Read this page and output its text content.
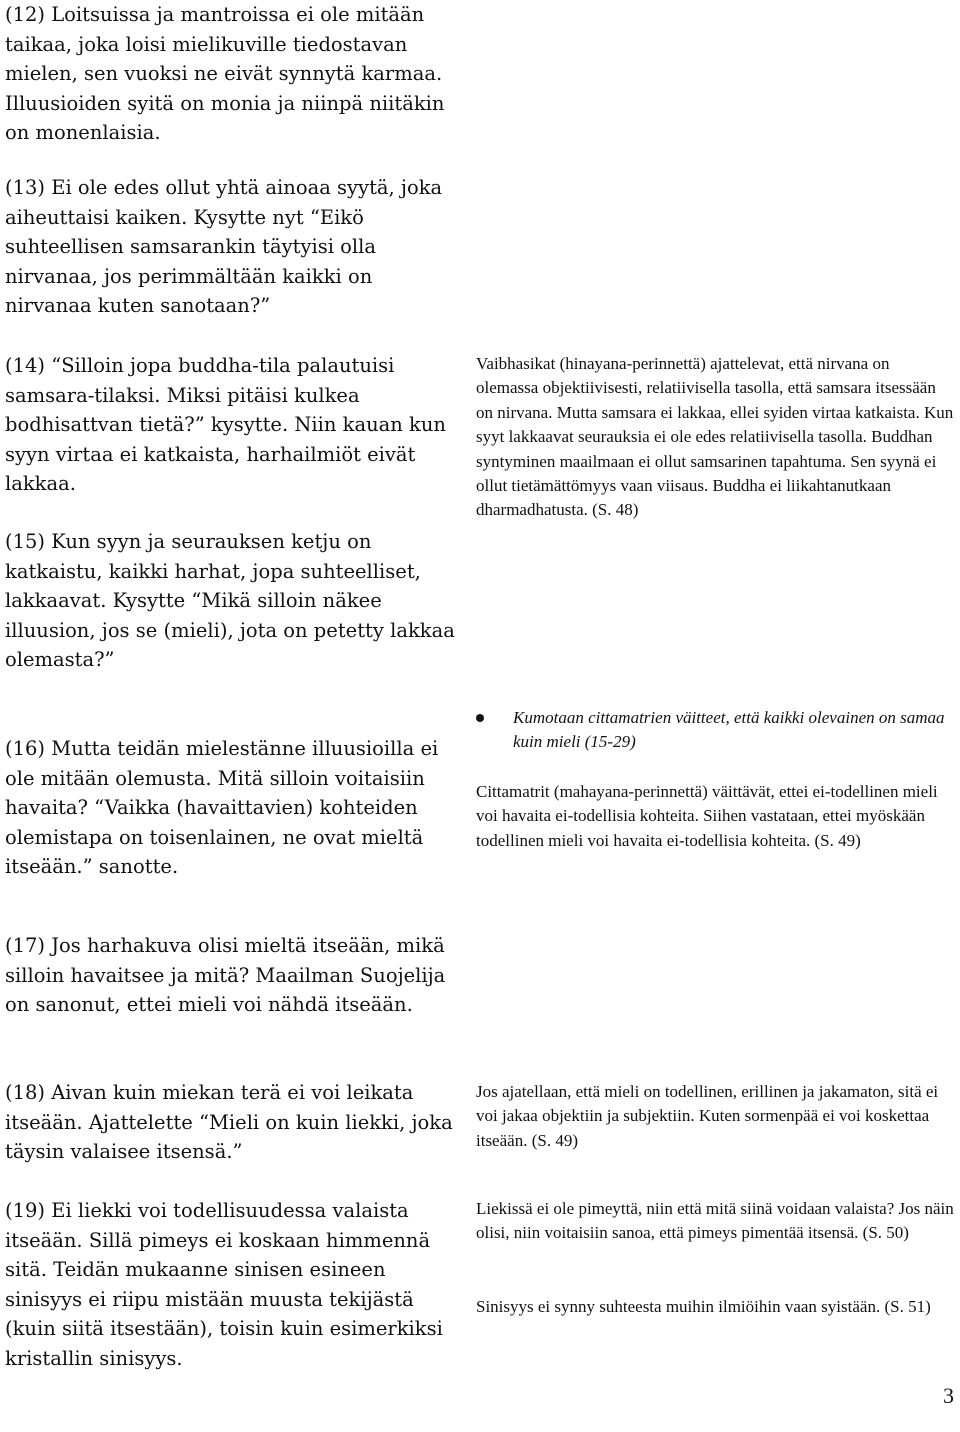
(12) Loitsuissa ja mantroissa ei ole mitään taikaa, joka loisi mielikuville tiedostavan mielen, sen vuoksi ne eivät synnytä karmaa. Illuusioiden syitä on monia ja niinpä niitäkin on monenlaisia.

(13) Ei ole edes ollut yhtä ainoaa syytä, joka aiheuttaisi kaiken. Kysytte nyt “Eikö suhteellisen samsarankin täytyisi olla nirvanaa, jos perimmältään kaikki on nirvanaa kuten sanotaan?”

(14) “Silloin jopa buddha-tila palautuisi samsara-tilaksi. Miksi pitäisi kulkea bodhisattvan tietä?” kysytte. Niin kauan kun syyn virtaa ei katkaista, harhailmiöt eivät lakkaa.

(15) Kun syyn ja seurauksen ketju on katkaistu, kaikki harhat, jopa suhteelliset, lakkaavat. Kysytte “Mikä silloin näkee illuusion, jos se (mieli), jota on petetty lakkaa olemasta?”

(16) Mutta teidän mielestänne illuusioilla ei ole mitään olemusta. Mitä silloin voitaisiin havaita? “Vaikka (havaittavien) kohteiden olemistapa on toisenlainen, ne ovat mieltä itseään.” sanotte.

(17) Jos harhakuva olisi mieltä itseään, mikä silloin havaitsee ja mitä? Maailman Suojelija on sanonut, ettei mieli voi nähdä itseään.

(18) Aivan kuin miekan terä ei voi leikata itseään. Ajattelette “Mieli on kuin liekki, joka täysin valaisee itsensä.”

(19) Ei liekki voi todellisuudessa valaista itseään. Sillä pimeys ei koskaan himmennä sitä. Teidän mukaanne sinisen esineen sinisyys ei riipu mistään muusta tekijästä (kuin siitä itsestään), toisin kuin esimerkiksi kristallin sinisyys.

Vaibhasikat (hinayana-perinnettä) ajattelevat, että nirvana on olemassa objektiivisesti, relatiivisella tasolla, että samsara itsessään on nirvana. Mutta samsara ei lakkaa, ellei syiden virtaa katkaista. Kun syyt lakkaavat seurauksia ei ole edes relatiivisella tasolla. Buddhan syntyminen maailmaan ei ollut samsarinen tapahtuma. Sen syynä ei ollut tietämättömyys vaan viisaus. Buddha ei liikahtanutkaan dharmadhatusta. (S. 48)

Kumotaan cittamatrien väitteet, että kaikki olevainen on samaa kuin mieli (15-29)

Cittamatrit (mahayana-perinnettä) väittävät, ettei ei-todellinen mieli voi havaita ei-todellisia kohteita. Siihen vastataan, ettei myöskään todellinen mieli voi havaita ei-todellisia kohteita. (S. 49)

Jos ajatellaan, että mieli on todellinen, erillinen ja jakamaton, sitä ei voi jakaa objektiin ja subjektiin. Kuten sormenpää ei voi koskettaa itseään. (S. 49)

Liekissä ei ole pimeyttä, niin että mitä siinä voidaan valaista? Jos näin olisi, niin voitaisiin sanoa, että pimeys pimentää itsensä. (S. 50)

Sinisyys ei synny suhteesta muihin ilmiöihin vaan syistään. (S. 51)

3
